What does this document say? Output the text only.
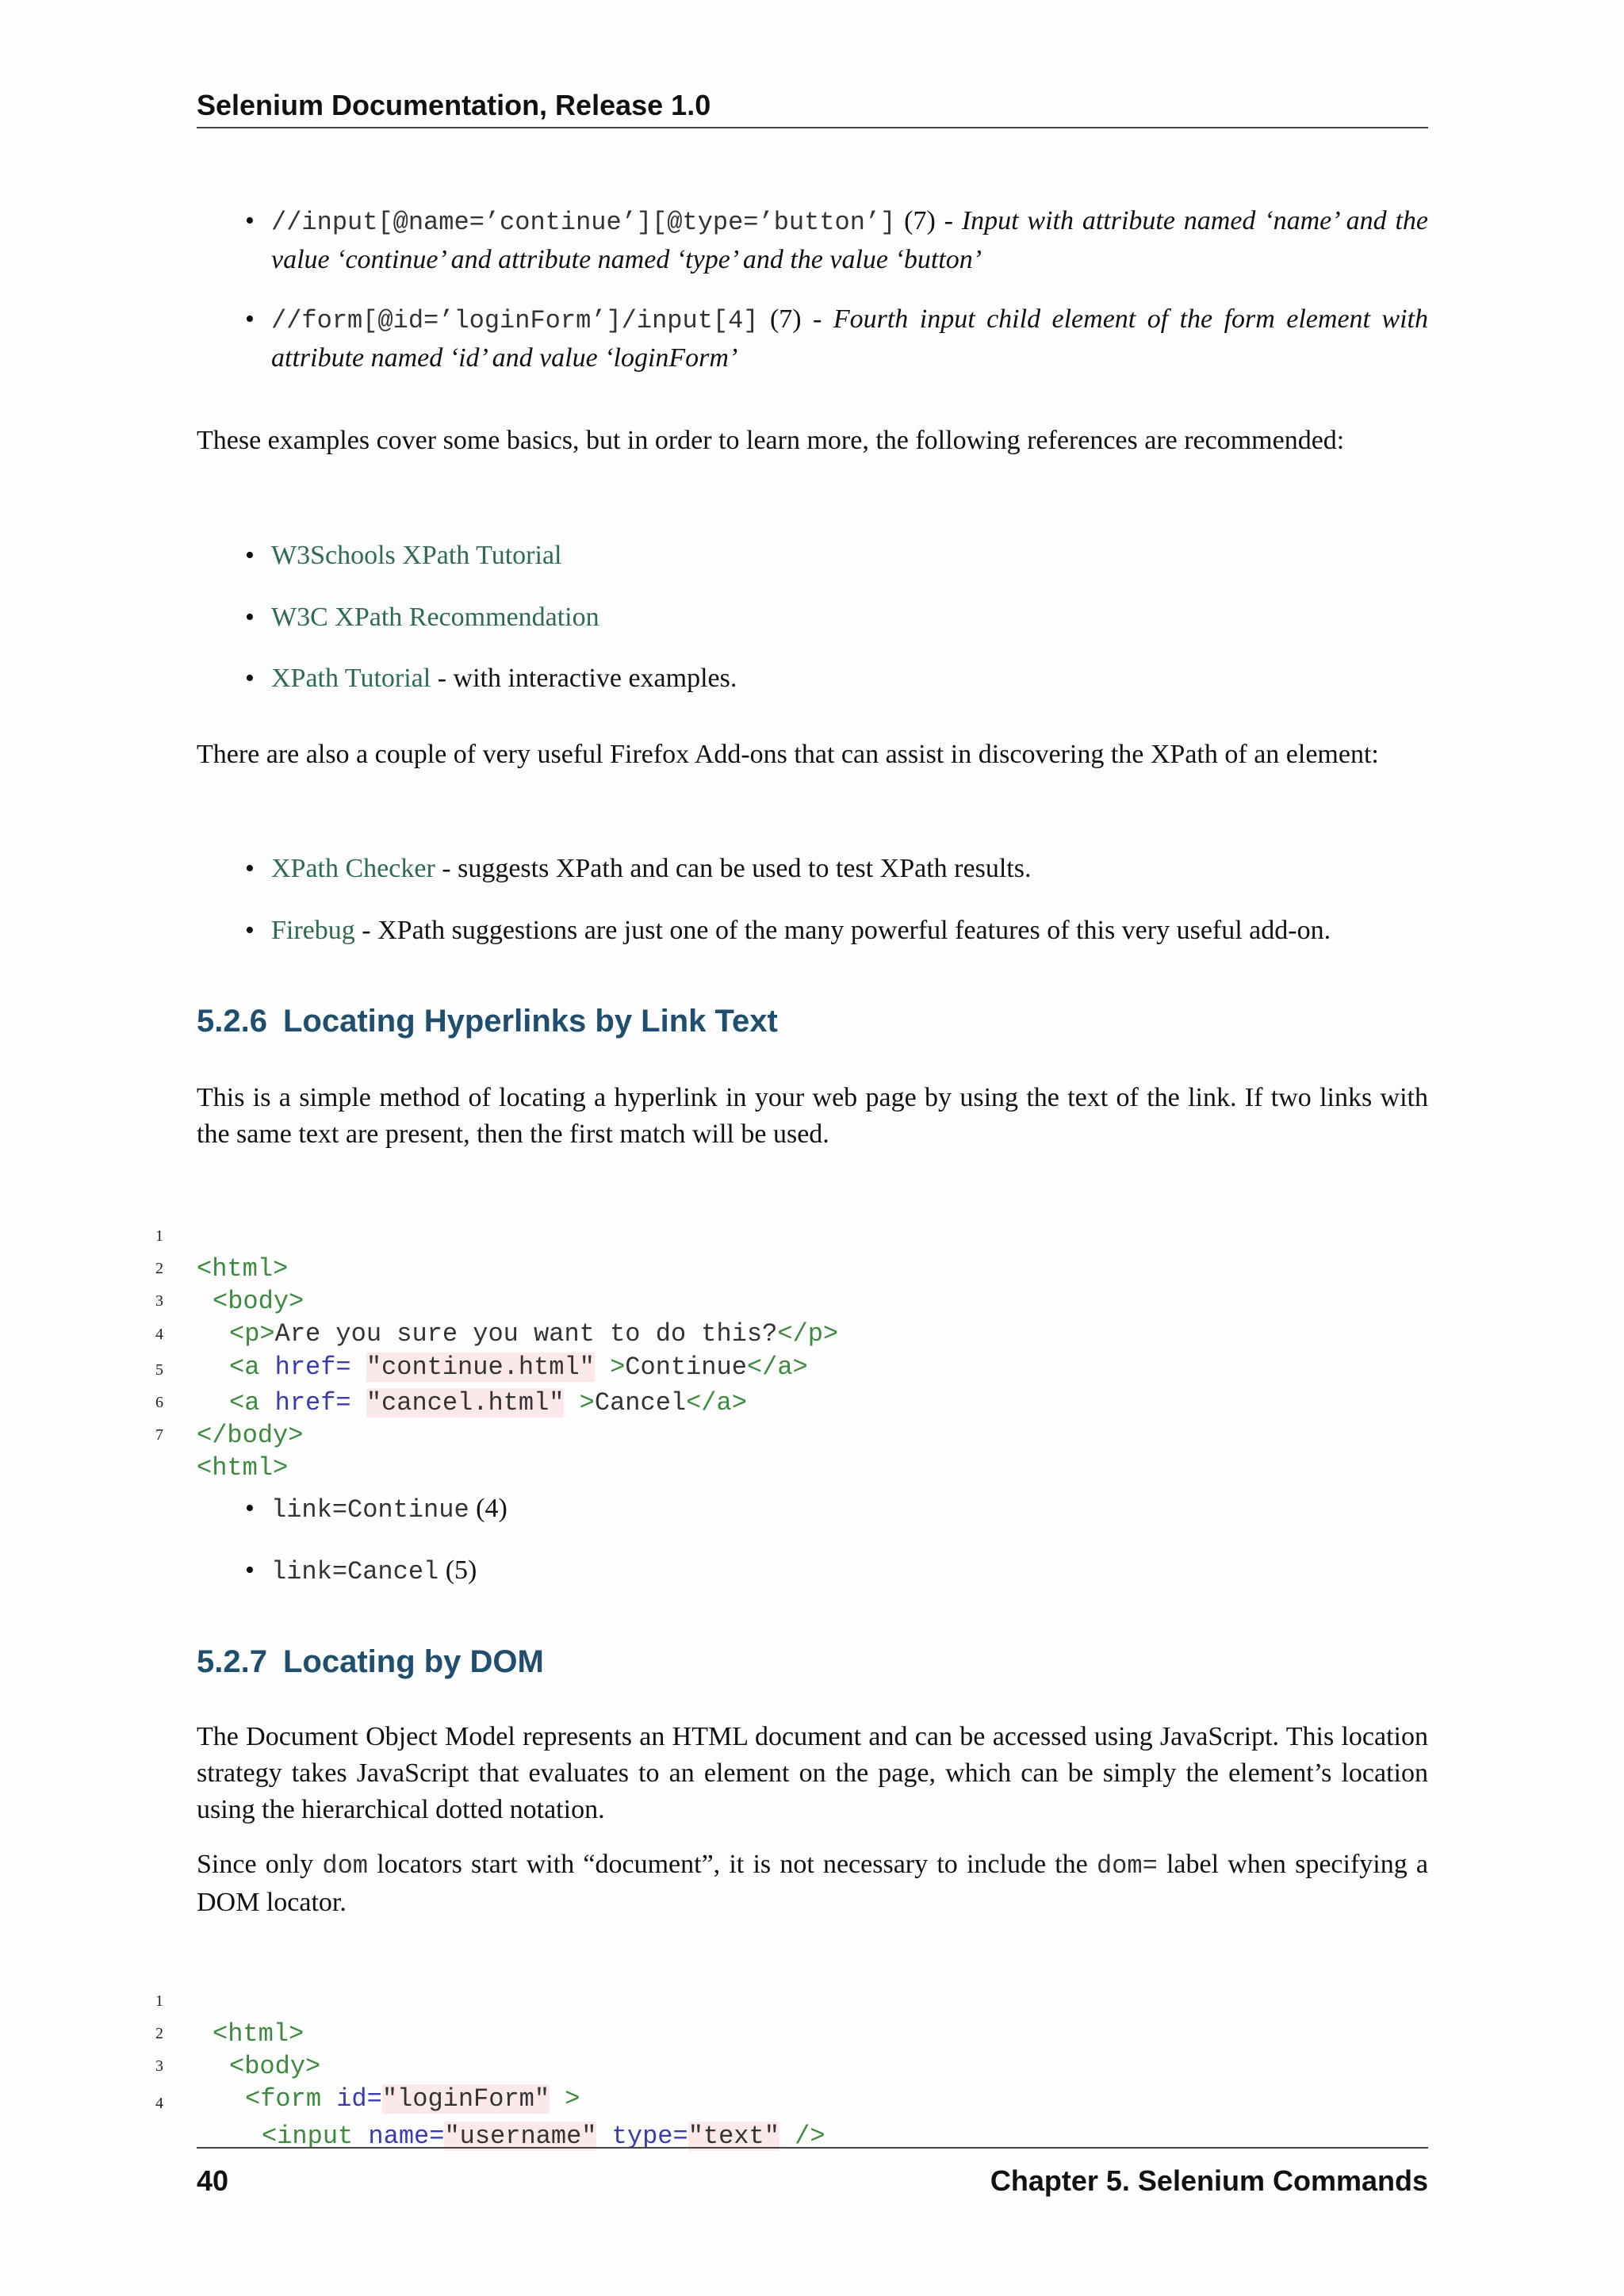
Selenium Documentation, Release 1.0
• //input[@name=’continue’][@type=’button’] (7) - Input with attribute named ‘name’ and the value ‘continue’ and attribute named ‘type’ and the value ‘button’
• //form[@id=’loginForm’]/input[4] (7) - Fourth input child element of the form element with attribute named ‘id’ and value ‘loginForm’
These examples cover some basics, but in order to learn more, the following references are recommended:
• W3Schools XPath Tutorial
• W3C XPath Recommendation
• XPath Tutorial - with interactive examples.
There are also a couple of very useful Firefox Add-ons that can assist in discovering the XPath of an element:
• XPath Checker - suggests XPath and can be used to test XPath results.
• Firebug - XPath suggestions are just one of the many powerful features of this very useful add-on.
5.2.6 Locating Hyperlinks by Link Text
This is a simple method of locating a hyperlink in your web page by using the text of the link. If two links with the same text are present, then the first match will be used.

1

<html>

2

<body>

3

<p>Are you sure you want to do this?</p>

4

<a href= "continue.html" >Continue</a>

5

<a href= "cancel.html" >Cancel</a>

6

</body>

7

<html>

• link=Continue (4)
• link=Cancel (5)
5.2.7 Locating by DOM
The Document Object Model represents an HTML document and can be accessed using JavaScript. This location strategy takes JavaScript that evaluates to an element on the page, which can be simply the element’s location using the hierarchical dotted notation.
Since only dom locators start with “document”, it is not necessary to include the dom= label when specifying a DOM locator.

1

<html>

2

<body>

3

<form id="loginForm" >

4

<input name="username" type="text" />

40	Chapter 5. Selenium Commands
